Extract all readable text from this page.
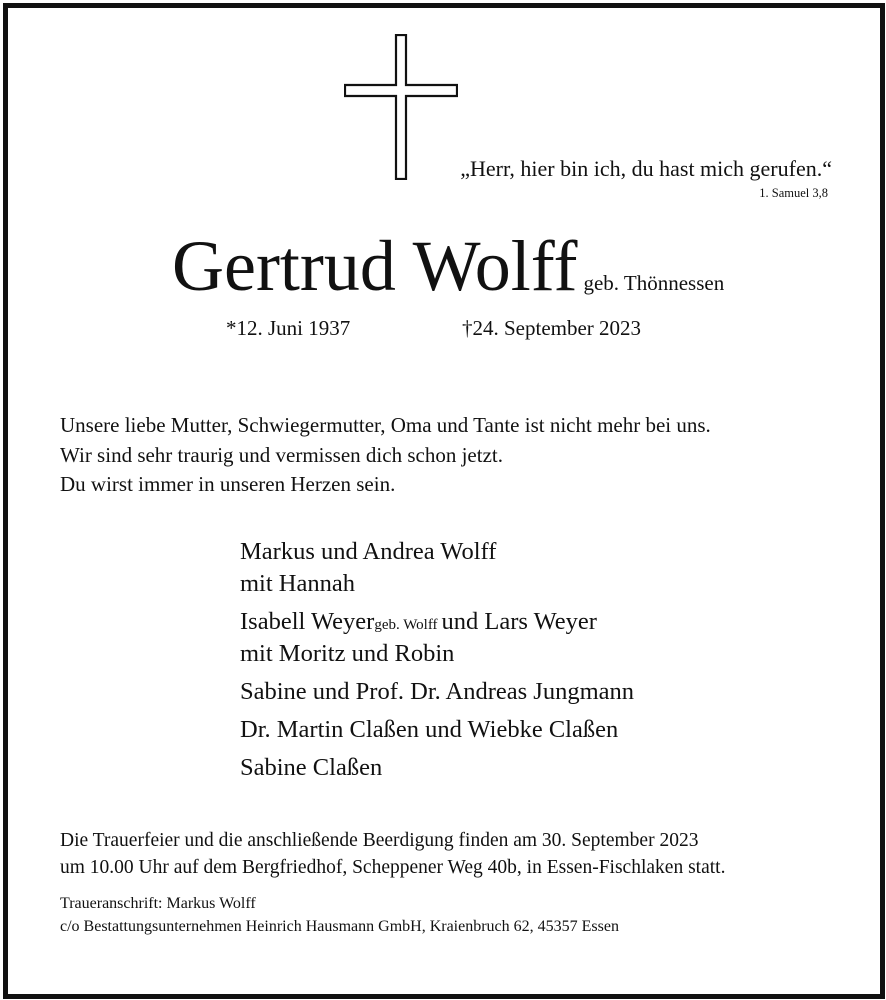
„Herr, hier bin ich, du hast mich gerufen.“
1. Samuel 3,8
Gertrud Wolff geb. Thönnessen
*12. Juni 1937	†24. September 2023
Unsere liebe Mutter, Schwiegermutter, Oma und Tante ist nicht mehr bei uns.
Wir sind sehr traurig und vermissen dich schon jetzt.
Du wirst immer in unseren Herzen sein.
Markus und Andrea Wolff
mit Hannah
Isabell Weyergeb. Wolff und Lars Weyer
mit Moritz und Robin
Sabine und Prof. Dr. Andreas Jungmann
Dr. Martin Claßen und Wiebke Claßen
Sabine Claßen
Die Trauerfeier und die anschließende Beerdigung finden am 30. September 2023
um 10.00 Uhr auf dem Bergfriedhof, Scheppener Weg 40b, in Essen-Fischlaken statt.
Traueranschrift: Markus Wolff
c/o Bestattungsunternehmen Heinrich Hausmann GmbH, Kraienbruch 62, 45357 Essen
